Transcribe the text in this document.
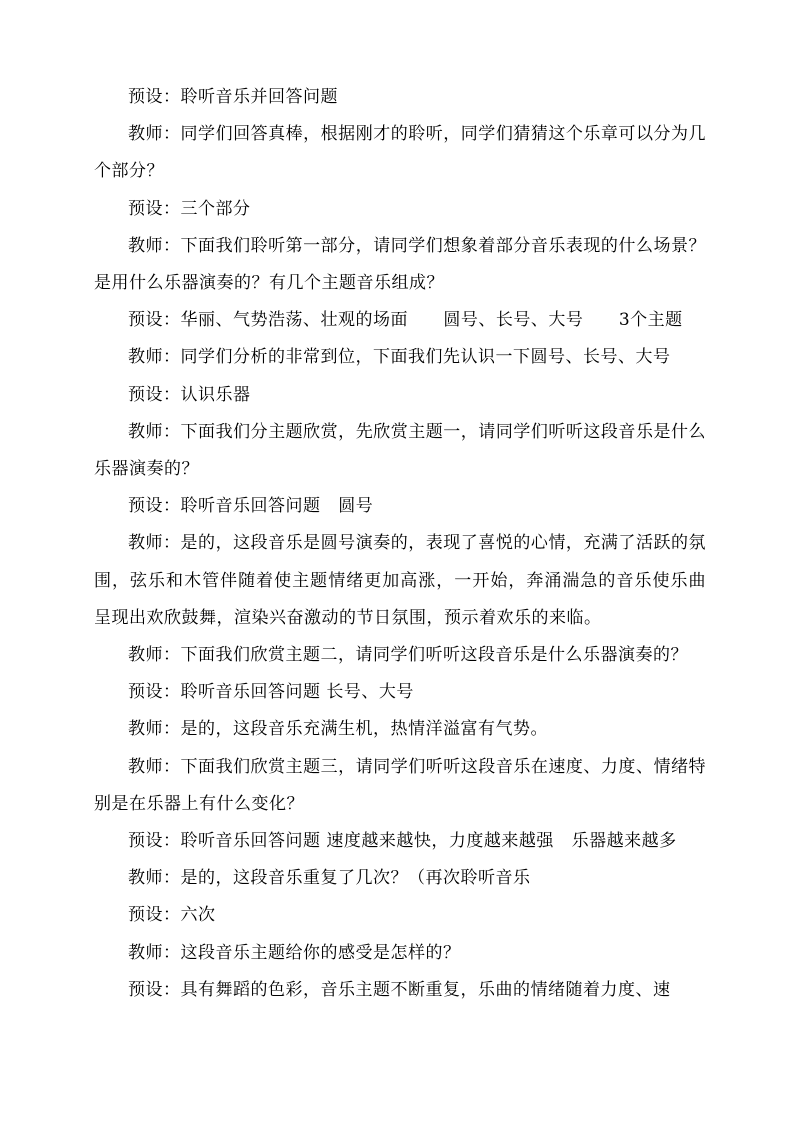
预设：聆听音乐并回答问题

教师：同学们回答真棒，根据刚才的聆听，同学们猜猜这个乐章可以分为几个部分？

预设：三个部分

教师：下面我们聆听第一部分，请同学们想象着部分音乐表现的什么场景？是用什么乐器演奏的？有几个主题音乐组成？

预设：华丽、气势浩荡、壮观的场面      圆号、长号、大号      3个主题

教师：同学们分析的非常到位，下面我们先认识一下圆号、长号、大号

预设：认识乐器

教师：下面我们分主题欣赏，先欣赏主题一，请同学们听听这段音乐是什么乐器演奏的？

预设：聆听音乐回答问题   圆号

教师：是的，这段音乐是圆号演奏的，表现了喜悦的心情，充满了活跃的氛围，弦乐和木管伴随着使主题情绪更加高涨，一开始，奔涌湍急的音乐使乐曲呈现出欢欣鼓舞，渲染兴奋激动的节日氛围，预示着欢乐的来临。

教师：下面我们欣赏主题二，请同学们听听这段音乐是什么乐器演奏的？

预设：聆听音乐回答问题 长号、大号

教师：是的，这段音乐充满生机，热情洋溢富有气势。

教师：下面我们欣赏主题三，请同学们听听这段音乐在速度、力度、情绪特别是在乐器上有什么变化？

预设：聆听音乐回答问题 速度越来越快，力度越来越强   乐器越来越多

教师：是的，这段音乐重复了几次？（再次聆听音乐

预设：六次

教师：这段音乐主题给你的感受是怎样的？

预设：具有舞蹈的色彩，音乐主题不断重复，乐曲的情绪随着力度、速
